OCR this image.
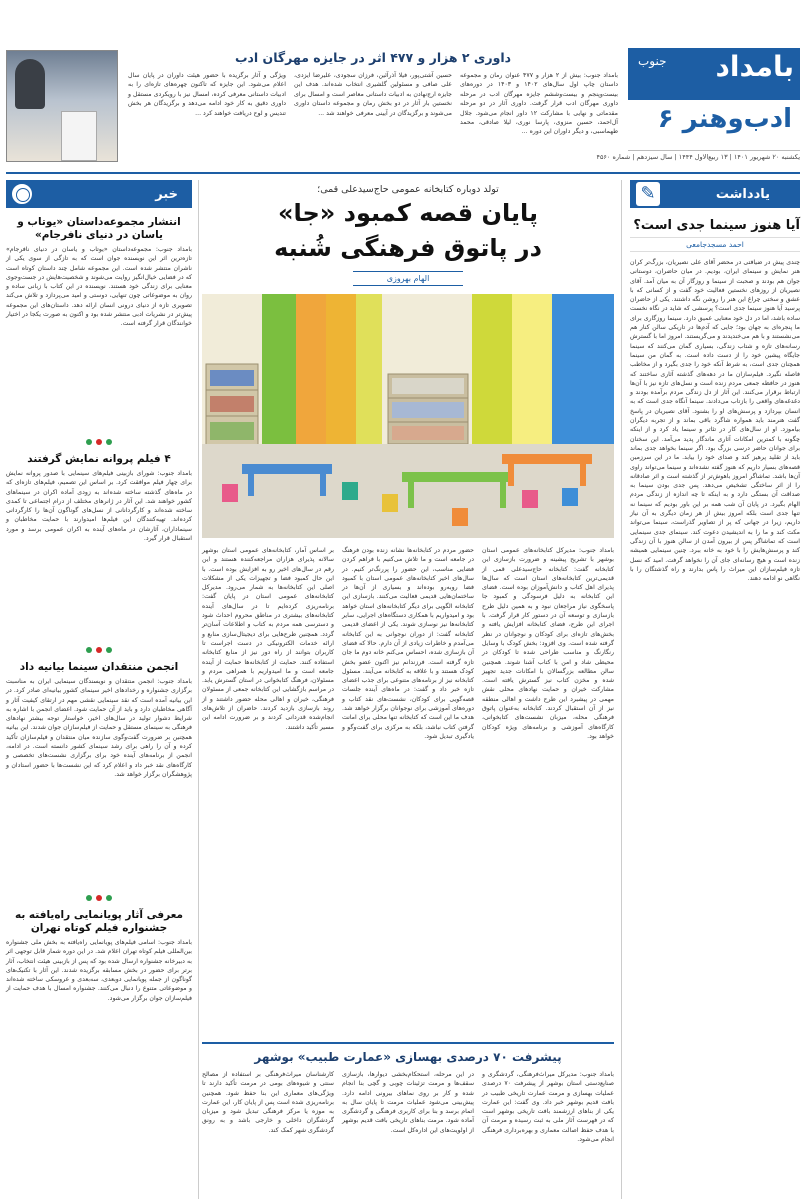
بامداد
جنوب
ادب‌وهنر ۶
یکشنبه ۲۰ شهریور ۱۴۰۱ | ۱۳ ربیع‌الاول ۱۴۴۴ | سال سیزدهم | شماره ۴۵۶۰
داوری ۲ هزار و ۴۷۷ اثر در جایزه مهرگان ادب

بامداد جنوب: بیش از ۲ هزار و ۴۷۷ عنوان رمان و مجموعه داستان چاپ اول سال‌های ۱۴۰۲ و ۱۴۰۳ در دوره‌های بیست‌وپنجم و بیست‌وششم جایزه مهرگان ادب در مرحله داوری مهرگان ادب قرار گرفت. داوری آثار در دو مرحله مقدماتی و نهایی با مشارکت ۱۲ داور انجام می‌شود. جلال آل‌احمد، حسین منزوی، پارسا نوری، لیلا صادقی، محمد طهماسبی، و دیگر داوران این دوره ...

حسین آشتی‌پور، فیلا آذرآئین، فرزان سجودی، علیرضا ایزدی، علی صافی و مسئولین گلشیری انتخاب شده‌اند. هدف این جایزه ارج‌نهادن به ادبیات داستانی معاصر است و امسال برای نخستین بار آثار در دو بخش رمان و مجموعه داستان داوری می‌شوند و برگزیدگان در آیینی معرفی خواهند شد ...

ویژگی و آثار برگزیده با حضور هیئت داوران در پایان سال اعلام می‌شود. این جایزه که تاکنون چهره‌های تازه‌ای را به ادبیات داستانی معرفی کرده، امسال نیز با رویکردی مستقل و داوری دقیق به کار خود ادامه می‌دهد و برگزیدگان هر بخش تندیس و لوح دریافت خواهند کرد ...

یادداشت
✎
آیا هنوز سینما جدی است؟
احمد مسجدجامعی

چندی پیش در ضیافتی در محضر آقای علی نصیریان، بزرگ‌تر کران هنر نمایش و سینمای ایران، بودیم. در میان حاضران، دوستانی جوان هم بودند و صحبت از سینما و روزگار آن به میان آمد. آقای نصیریان از روزهای نخستین فعالیت خود گفت و از کسانی که با عشق و سختی چراغ این هنر را روشن نگه داشتند. یکی از حاضران پرسید آیا هنوز سینما جدی است؟ پرسشی که شاید در نگاه نخست ساده باشد، اما در دل خود معنایی عمیق دارد. سینما روزگاری برای ما پنجره‌ای به جهان بود؛ جایی که آدم‌ها در تاریکی سالن کنار هم می‌نشستند و با هم می‌خندیدند و می‌گریستند. امروز اما با گسترش رسانه‌های تازه و شتاب زندگی، بسیاری گمان می‌کنند که سینما جایگاه پیشین خود را از دست داده است. به گمان من سینما همچنان جدی است، به شرط آنکه خود را جدی بگیرد و از مخاطب فاصله نگیرد. فیلم‌سازان ما در دهه‌های گذشته آثاری ساختند که هنوز در حافظه جمعی مردم زنده است و نسل‌های تازه نیز با آن‌ها ارتباط برقرار می‌کنند. این آثار از دل زندگی مردم برآمده بودند و دغدغه‌های واقعی را بازتاب می‌دادند. سینما آنگاه جدی است که به انسان بپردازد و پرسش‌های او را بشنود. آقای نصیریان در پاسخ گفت هنرمند باید همواره شاگرد باقی بماند و از تجربه دیگران بیاموزد. او از سال‌های کار در تئاتر و سینما یاد کرد و از اینکه چگونه با کمترین امکانات آثاری ماندگار پدید می‌آمد. این سخنان برای جوانان حاضر درسی بزرگ بود. اگر سینما بخواهد جدی بماند باید از تقلید پرهیز کند و صدای خود را بیابد. ما در این سرزمین قصه‌های بسیار داریم که هنوز گفته نشده‌اند و سینما می‌تواند راوی آن‌ها باشد. تماشاگر امروز باهوش‌تر از گذشته است و اثر صادقانه را از اثر ساختگی تشخیص می‌دهد. پس جدی بودن سینما به صداقت آن بستگی دارد و به اینکه تا چه اندازه از زندگی مردم الهام بگیرد. در پایان آن شب همه بر این باور بودیم که سینما نه تنها جدی است بلکه امروز بیش از هر زمان دیگری به آن نیاز داریم، زیرا در جهانی که پر از تصاویر گذراست، سینما می‌تواند مکث کند و ما را به اندیشیدن دعوت کند. سینمای جدی سینمایی است که تماشاگر پس از بیرون آمدن از سالن هنوز با آن زندگی کند و پرسش‌هایش را با خود به خانه ببرد. چنین سینمایی همیشه زنده است و هیچ رسانه‌ای جای آن را نخواهد گرفت. امید که نسل تازه فیلم‌سازان این میراث را پاس بدارند و راه گذشتگان را با نگاهی نو ادامه دهند.

تولد دوباره کتابخانه عمومی حاج‌سیدعلی قمی؛
پایان قصه کمبود «جا»
در پاتوق فرهنگی شُنبه
الهام بهروزی
بامداد جنوب: مدیرکل کتابخانه‌های عمومی استان بوشهر با تشریح پیشینه و ضرورت بازسازی این کتابخانه گفت: کتابخانه حاج‌سیدعلی قمی از قدیمی‌ترین کتابخانه‌های استان است که سال‌ها پذیرای اهل کتاب و دانش‌آموزان بوده است. فضای این کتابخانه به دلیل فرسودگی و کمبود جا پاسخگوی نیاز مراجعان نبود و به همین دلیل طرح بازسازی و توسعه آن در دستور کار قرار گرفت. با اجرای این طرح، فضای کتابخانه افزایش یافته و بخش‌های تازه‌ای برای کودکان و نوجوانان در نظر گرفته شده است. وی افزود: بخش کودک با وسایل رنگارنگ و مناسب طراحی شده تا کودکان در محیطی شاد و امن با کتاب آشنا شوند. همچنین سالن مطالعه بزرگسالان با امکانات جدید تجهیز شده و مخزن کتاب نیز گسترش یافته است. مشارکت خیران و حمایت نهادهای محلی نقش مهمی در پیشبرد این طرح داشت و اهالی منطقه نیز از آن استقبال کردند. کتابخانه به‌عنوان پاتوق فرهنگی محله، میزبان نشست‌های کتابخوانی، کارگاه‌های آموزشی و برنامه‌های ویژه کودکان خواهد بود.
حضور مردم در کتابخانه‌ها نشانه زنده بودن فرهنگ در جامعه است و ما تلاش می‌کنیم با فراهم کردن فضایی مناسب، این حضور را پررنگ‌تر کنیم. در سال‌های اخیر کتابخانه‌های عمومی استان با کمبود فضا روبه‌رو بوده‌اند و بسیاری از آن‌ها در ساختمان‌هایی قدیمی فعالیت می‌کنند. بازسازی این کتابخانه الگویی برای دیگر کتابخانه‌های استان خواهد بود و امیدواریم با همکاری دستگاه‌های اجرایی، سایر کتابخانه‌ها نیز نوسازی شوند. یکی از اعضای قدیمی کتابخانه گفت: از دوران نوجوانی به این کتابخانه می‌آمدم و خاطرات زیادی از آن دارم. حالا که فضای آن بازسازی شده، احساس می‌کنم خانه دوم ما جان تازه گرفته است. فرزندانم نیز اکنون عضو بخش کودک هستند و با علاقه به کتابخانه می‌آیند. مسئول کتابخانه نیز از برنامه‌های متنوعی برای جذب اعضای تازه خبر داد و گفت: در ماه‌های آینده جلسات قصه‌گویی برای کودکان، نشست‌های نقد کتاب و دوره‌های آموزشی برای نوجوانان برگزار خواهد شد. هدف ما این است که کتابخانه تنها محلی برای امانت گرفتن کتاب نباشد، بلکه به مرکزی برای گفت‌وگو و یادگیری تبدیل شود.
بر اساس آمار، کتابخانه‌های عمومی استان بوشهر سالانه پذیرای هزاران مراجعه‌کننده هستند و این رقم در سال‌های اخیر رو به افزایش بوده است. با این حال کمبود فضا و تجهیزات یکی از مشکلات اصلی این کتابخانه‌ها به شمار می‌رود. مدیرکل کتابخانه‌های عمومی استان در پایان گفت: برنامه‌ریزی کرده‌ایم تا در سال‌های آینده کتابخانه‌های بیشتری در مناطق محروم احداث شود و دسترسی همه مردم به کتاب و اطلاعات آسان‌تر گردد. همچنین طرح‌هایی برای دیجیتال‌سازی منابع و ارائه خدمات الکترونیکی در دست اجراست تا کاربران بتوانند از راه دور نیز از منابع کتابخانه استفاده کنند. حمایت از کتابخانه‌ها حمایت از آینده جامعه است و ما امیدواریم با همراهی مردم و مسئولان، فرهنگ کتابخوانی در استان گسترش یابد. در مراسم بازگشایی این کتابخانه جمعی از مسئولان فرهنگی، خیران و اهالی محله حضور داشتند و از روند بازسازی بازدید کردند. حاضران از تلاش‌های انجام‌شده قدردانی کردند و بر ضرورت ادامه این مسیر تأکید داشتند.
پیشرفت ۷۰ درصدی بهسازی «عمارت طبیب» بوشهر

بامداد جنوب: مدیرکل میراث‌فرهنگی، گردشگری و صنایع‌دستی استان بوشهر از پیشرفت ۷۰ درصدی عملیات بهسازی و مرمت عمارت تاریخی طبیب در بافت قدیم بوشهر خبر داد. وی گفت: این عمارت یکی از بناهای ارزشمند بافت تاریخی بوشهر است که در فهرست آثار ملی به ثبت رسیده و مرمت آن با هدف حفظ اصالت معماری و بهره‌برداری فرهنگی انجام می‌شود.

در این مرحله، استحکام‌بخشی دیوارها، بازسازی سقف‌ها و مرمت تزئینات چوبی و گچی بنا انجام شده و کار بر روی نماهای بیرونی ادامه دارد. پیش‌بینی می‌شود عملیات مرمت تا پایان سال به اتمام برسد و بنا برای کاربری فرهنگی و گردشگری آماده شود. مرمت بناهای تاریخی بافت قدیم بوشهر از اولویت‌های این اداره‌کل است.

کارشناسان میراث‌فرهنگی بر استفاده از مصالح سنتی و شیوه‌های بومی در مرمت تأکید دارند تا ویژگی‌های معماری این بنا حفظ شود. همچنین برنامه‌ریزی شده است پس از پایان کار، این عمارت به موزه یا مرکز فرهنگی تبدیل شود و میزبان گردشگران داخلی و خارجی باشد و به رونق گردشگری شهر کمک کند.

خبر
انتشار مجموعه‌داستان «یوتاب و یاسان در دنیای نافرجام»

بامداد جنوب: مجموعه‌داستان «یوتاب و یاسان در دنیای نافرجام» تازه‌ترین اثر این نویسنده جوان است که به تازگی از سوی یکی از ناشران منتشر شده است. این مجموعه شامل چند داستان کوتاه است که در فضایی خیال‌انگیز روایت می‌شوند و شخصیت‌هایش در جست‌وجوی معنایی برای زندگی خود هستند. نویسنده در این کتاب با زبانی ساده و روان به موضوعاتی چون تنهایی، دوستی و امید می‌پردازد و تلاش می‌کند تصویری تازه از دنیای درونی انسان ارائه دهد. داستان‌های این مجموعه پیش‌تر در نشریات ادبی منتشر شده بود و اکنون به صورت یکجا در اختیار خوانندگان قرار گرفته است.

۴ فیلم پروانه نمایش گرفتند

بامداد جنوب: شورای بازبینی فیلم‌های سینمایی با صدور پروانه نمایش برای چهار فیلم موافقت کرد. بر اساس این تصمیم، فیلم‌های تازه‌ای که در ماه‌های گذشته ساخته شده‌اند به زودی آماده اکران در سینماهای کشور خواهند شد. این آثار در ژانرهای مختلف از درام اجتماعی تا کمدی ساخته شده‌اند و کارگردانانی از نسل‌های گوناگون آن‌ها را کارگردانی کرده‌اند. تهیه‌کنندگان این فیلم‌ها امیدوارند با حمایت مخاطبان و سینماداران، آثارشان در ماه‌های آینده به اکران عمومی برسد و مورد استقبال قرار گیرد.

انجمن منتقدان سینما بیانیه داد

بامداد جنوب: انجمن منتقدان و نویسندگان سینمایی ایران به مناسبت برگزاری جشنواره و رخدادهای اخیر سینمای کشور بیانیه‌ای صادر کرد. در این بیانیه آمده است که نقد سینمایی نقشی مهم در ارتقای کیفیت آثار و آگاهی مخاطبان دارد و باید از آن حمایت شود. اعضای انجمن با اشاره به شرایط دشوار تولید در سال‌های اخیر، خواستار توجه بیشتر نهادهای فرهنگی به سینمای مستقل و حمایت از فیلم‌سازان جوان شدند. این بیانیه همچنین بر ضرورت گفت‌وگوی سازنده میان منتقدان و فیلم‌سازان تأکید کرده و آن را راهی برای رشد سینمای کشور دانسته است. در ادامه، انجمن از برنامه‌های آینده خود برای برگزاری نشست‌های تخصصی و کارگاه‌های نقد خبر داد و اعلام کرد که این نشست‌ها با حضور استادان و پژوهشگران برگزار خواهد شد.

معرفی آثار پویانمایی راه‌یافته به جشنواره فیلم کوتاه تهران

بامداد جنوب: اسامی فیلم‌های پویانمایی راه‌یافته به بخش ملی جشنواره بین‌المللی فیلم کوتاه تهران اعلام شد. در این دوره شمار قابل توجهی اثر به دبیرخانه جشنواره ارسال شده بود که پس از بازبینی هیئت انتخاب، آثار برتر برای حضور در بخش مسابقه برگزیده شدند. این آثار با تکنیک‌های گوناگون از جمله پویانمایی دوبعدی، سه‌بعدی و عروسکی ساخته شده‌اند و موضوعاتی متنوع را دنبال می‌کنند. جشنواره امسال با هدف حمایت از فیلم‌سازان جوان برگزار می‌شود.
